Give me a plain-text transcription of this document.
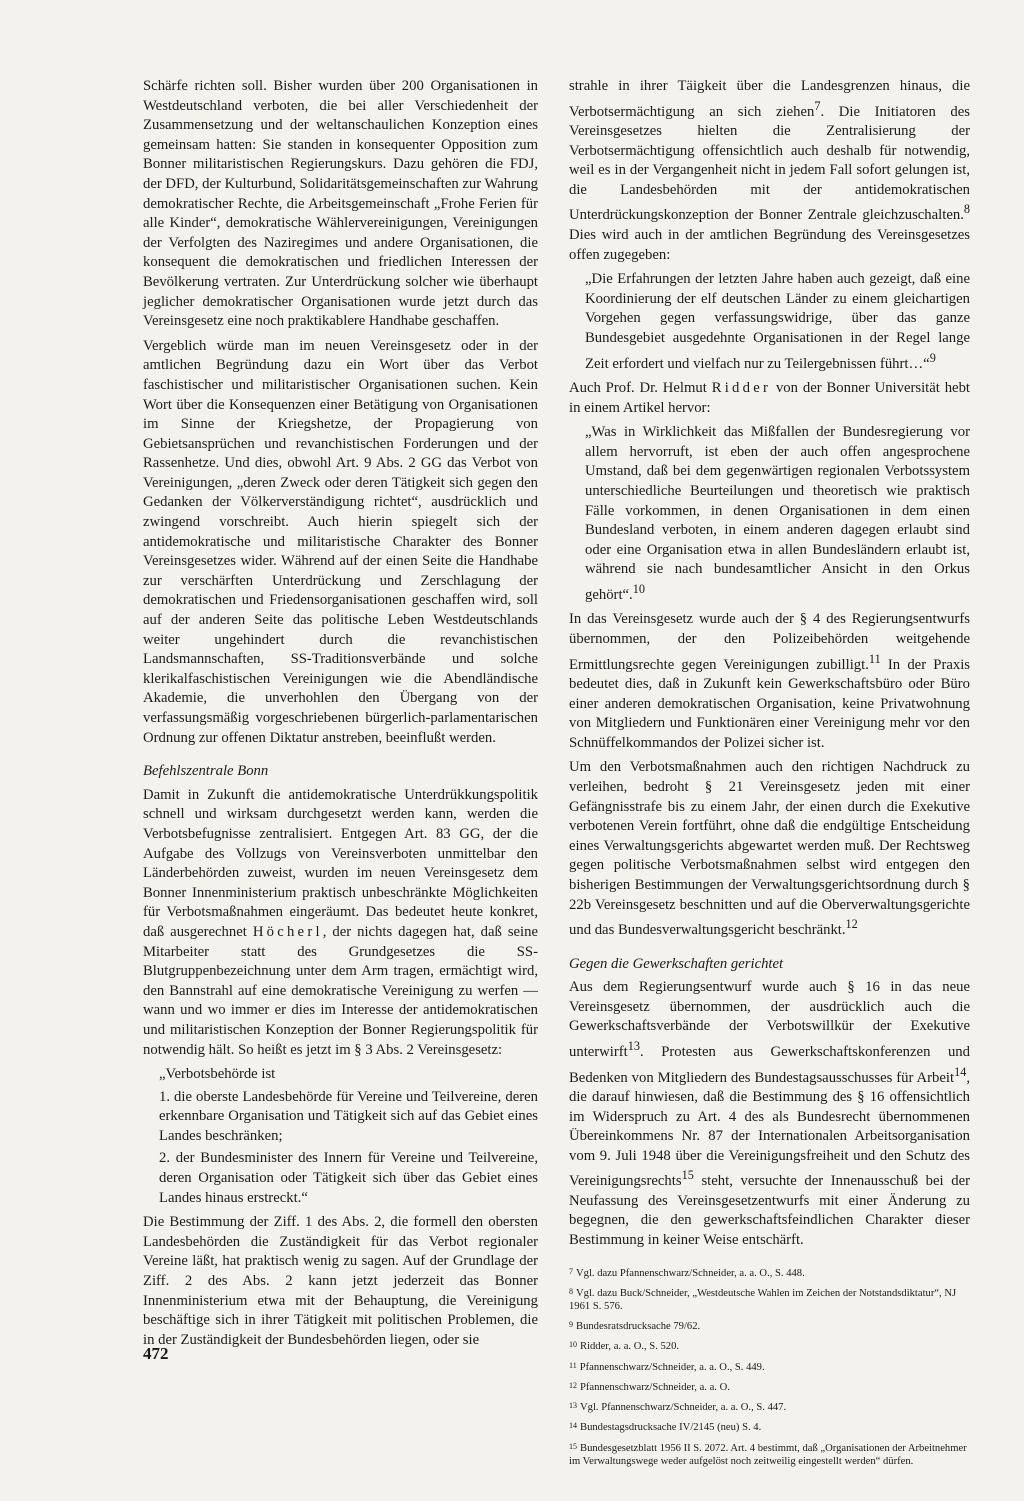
Schärfe richten soll. Bisher wurden über 200 Organisationen in Westdeutschland verboten, die bei aller Verschiedenheit der Zusammensetzung und der weltanschaulichen Konzeption eines gemeinsam hatten: Sie standen in konsequenter Opposition zum Bonner militaristischen Regierungskurs. Dazu gehören die FDJ, der DFD, der Kulturbund, Solidaritätsgemeinschaften zur Wahrung demokratischer Rechte, die Arbeitsgemeinschaft „Frohe Ferien für alle Kinder“, demokratische Wählervereinigungen, Vereinigungen der Verfolgten des Naziregimes und andere Organisationen, die konsequent die demokratischen und friedlichen Interessen der Bevölkerung vertraten. Zur Unterdrückung solcher wie überhaupt jeglicher demokratischer Organisationen wurde jetzt durch das Vereinsgesetz eine noch praktikablere Handhabe geschaffen.

Vergeblich würde man im neuen Vereinsgesetz oder in der amtlichen Begründung dazu ein Wort über das Verbot faschistischer und militaristischer Organisationen suchen. Kein Wort über die Konsequenzen einer Betätigung von Organisationen im Sinne der Kriegshetze, der Propagierung von Gebietsansprüchen und revanchistischen Forderungen und der Rassenhetze. Und dies, obwohl Art. 9 Abs. 2 GG das Verbot von Vereinigungen, „deren Zweck oder deren Tätigkeit sich gegen den Gedanken der Völkerverständigung richtet“, ausdrücklich und zwingend vorschreibt. Auch hierin spiegelt sich der antidemokratische und militaristische Charakter des Bonner Vereinsgesetzes wider. Während auf der einen Seite die Handhabe zur verschärften Unterdrückung und Zerschlagung der demokratischen und Friedensorganisationen geschaffen wird, soll auf der anderen Seite das politische Leben Westdeutschlands weiter ungehindert durch die revanchistischen Landsmannschaften, SS-Traditionsverbände und solche klerikalfaschistischen Vereinigungen wie die Abendländische Akademie, die unverhohlen den Übergang von der verfassungsmäßig vorgeschriebenen bürgerlich-parlamentarischen Ordnung zur offenen Diktatur anstreben, beeinflußt werden.

Befehlszentrale Bonn

Damit in Zukunft die antidemokratische Unterdrükkungspolitik schnell und wirksam durchgesetzt werden kann, werden die Verbotsbefugnisse zentralisiert. Entgegen Art. 83 GG, der die Aufgabe des Vollzugs von Vereinsverboten unmittelbar den Länderbehörden zuweist, wurden im neuen Vereinsgesetz dem Bonner Innenministerium praktisch unbeschränkte Möglichkeiten für Verbotsmaßnahmen eingeräumt. Das bedeutet heute konkret, daß ausgerechnet Höcherl, der nichts dagegen hat, daß seine Mitarbeiter statt des Grundgesetzes die SS-Blutgruppenbezeichnung unter dem Arm tragen, ermächtigt wird, den Bannstrahl auf eine demokratische Vereinigung zu werfen — wann und wo immer er dies im Interesse der antidemokratischen und militaristischen Konzeption der Bonner Regierungspolitik für notwendig hält. So heißt es jetzt im § 3 Abs. 2 Vereinsgesetz:

„Verbotsbehörde ist

1. die oberste Landesbehörde für Vereine und Teilvereine, deren erkennbare Organisation und Tätigkeit sich auf das Gebiet eines Landes beschränken;

2. der Bundesminister des Innern für Vereine und Teilvereine, deren Organisation oder Tätigkeit sich über das Gebiet eines Landes hinaus erstreckt.“

Die Bestimmung der Ziff. 1 des Abs. 2, die formell den obersten Landesbehörden die Zuständigkeit für das Verbot regionaler Vereine läßt, hat praktisch wenig zu sagen. Auf der Grundlage der Ziff. 2 des Abs. 2 kann jetzt jederzeit das Bonner Innenministerium etwa mit der Behauptung, die Vereinigung beschäftige sich in ihrer Tätigkeit mit politischen Problemen, die in der Zuständigkeit der Bundesbehörden liegen, oder sie

strahle in ihrer Täigkeit über die Landesgrenzen hinaus, die Verbotsermächtigung an sich ziehen$^7$. Die Initiatoren des Vereinsgesetzes hielten die Zentralisierung der Verbotsermächtigung offensichtlich auch deshalb für notwendig, weil es in der Vergangenheit nicht in jedem Fall sofort gelungen ist, die Landesbehörden mit der antidemokratischen Unterdrückungskonzeption der Bonner Zentrale gleichzuschalten.$^8$ Dies wird auch in der amtlichen Begründung des Vereinsgesetzes offen zugegeben:

„Die Erfahrungen der letzten Jahre haben auch gezeigt, daß eine Koordinierung der elf deutschen Länder zu einem gleichartigen Vorgehen gegen verfassungswidrige, über das ganze Bundesgebiet ausgedehnte Organisationen in der Regel lange Zeit erfordert und vielfach nur zu Teilergebnissen führt…“$^9$

Auch Prof. Dr. Helmut Ridder von der Bonner Universität hebt in einem Artikel hervor:

„Was in Wirklichkeit das Mißfallen der Bundesregierung vor allem hervorruft, ist eben der auch offen angesprochene Umstand, daß bei dem gegenwärtigen regionalen Verbotssystem unterschiedliche Beurteilungen und theoretisch wie praktisch Fälle vorkommen, in denen Organisationen in dem einen Bundesland verboten, in einem anderen dagegen erlaubt sind oder eine Organisation etwa in allen Bundesländern erlaubt ist, während sie nach bundesamtlicher Ansicht in den Orkus gehört“.$^{10}$

In das Vereinsgesetz wurde auch der § 4 des Regierungsentwurfs übernommen, der den Polizeibehörden weitgehende Ermittlungsrechte gegen Vereinigungen zubilligt.$^{11}$ In der Praxis bedeutet dies, daß in Zukunft kein Gewerkschaftsbüro oder Büro einer anderen demokratischen Organisation, keine Privatwohnung von Mitgliedern und Funktionären einer Vereinigung mehr vor den Schnüffelkommandos der Polizei sicher ist.

Um den Verbotsmaßnahmen auch den richtigen Nachdruck zu verleihen, bedroht § 21 Vereinsgesetz jeden mit einer Gefängnisstrafe bis zu einem Jahr, der einen durch die Exekutive verbotenen Verein fortführt, ohne daß die endgültige Entscheidung eines Verwaltungsgerichts abgewartet werden muß. Der Rechtsweg gegen politische Verbotsmaßnahmen selbst wird entgegen den bisherigen Bestimmungen der Verwaltungsgerichtsordnung durch § 22b Vereinsgesetz beschnitten und auf die Oberverwaltungsgerichte und das Bundesverwaltungsgericht beschränkt.$^{12}$

Gegen die Gewerkschaften gerichtet

Aus dem Regierungsentwurf wurde auch § 16 in das neue Vereinsgesetz übernommen, der ausdrücklich auch die Gewerkschaftsverbände der Verbotswillkür der Exekutive unterwirft$^{13}$. Protesten aus Gewerkschaftskonferenzen und Bedenken von Mitgliedern des Bundestagsausschusses für Arbeit$^{14}$, die darauf hinwiesen, daß die Bestimmung des § 16 offensichtlich im Widerspruch zu Art. 4 des als Bundesrecht übernommenen Übereinkommens Nr. 87 der Internationalen Arbeitsorganisation vom 9. Juli 1948 über die Vereinigungsfreiheit und den Schutz des Vereinigungsrechts$^{15}$ steht, versuchte der Innenausschuß bei der Neufassung des Vereinsgesetzentwurfs mit einer Änderung zu begegnen, die den gewerkschaftsfeindlichen Charakter dieser Bestimmung in keiner Weise entschärft.

7 Vgl. dazu Pfannenschwarz/Schneider, a. a. O., S. 448.

8 Vgl. dazu Buck/Schneider, „Westdeutsche Wahlen im Zeichen der Notstandsdiktatur“, NJ 1961 S. 576.

9 Bundesratsdrucksache 79/62.

10 Ridder, a. a. O., S. 520.

11 Pfannenschwarz/Schneider, a. a. O., S. 449.

12 Pfannenschwarz/Schneider, a. a. O.

13 Vgl. Pfannenschwarz/Schneider, a. a. O., S. 447.

14 Bundestagsdrucksache IV/2145 (neu) S. 4.

15 Bundesgesetzblatt 1956 II S. 2072. Art. 4 bestimmt, daß „Organisationen der Arbeitnehmer im Verwaltungswege weder aufgelöst noch zeitweilig eingestellt werden“ dürfen.

472
